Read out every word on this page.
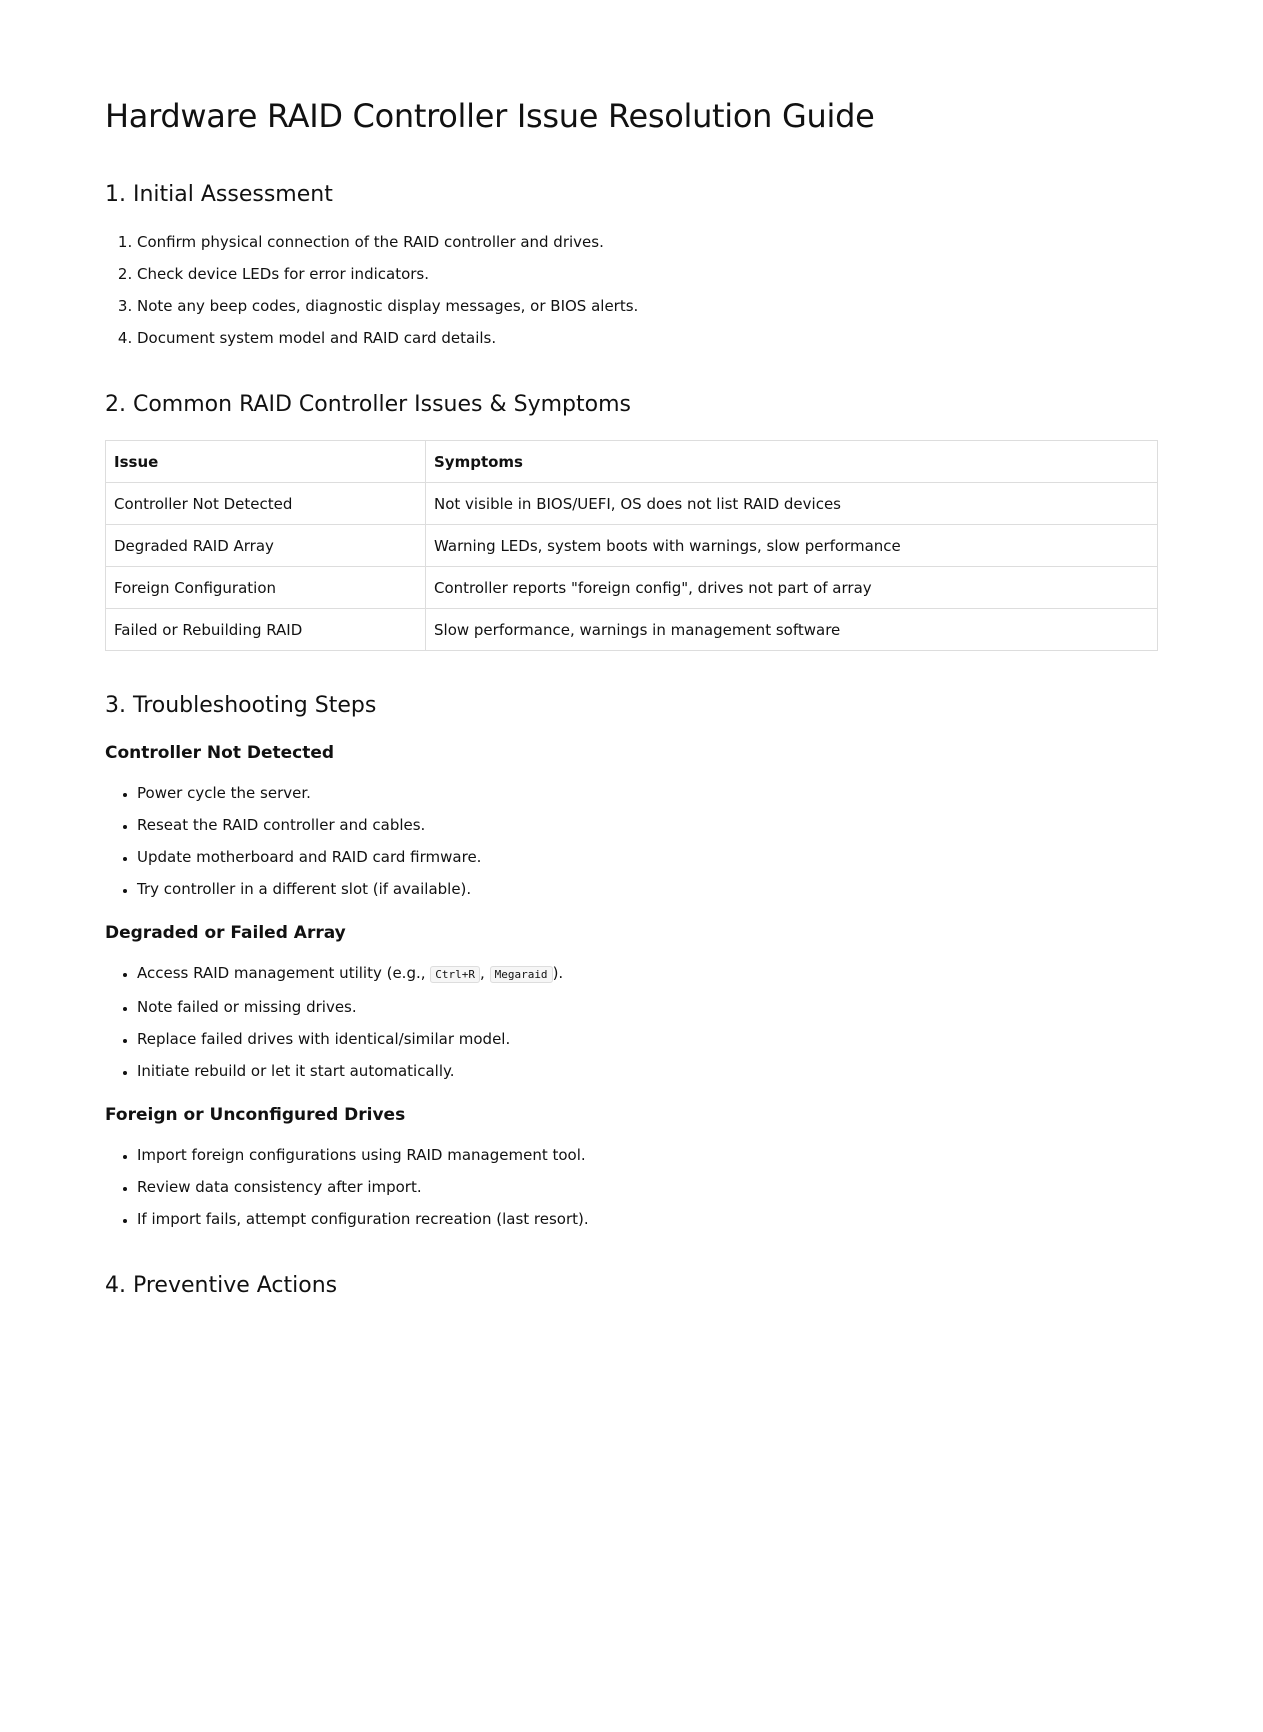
Hardware RAID Controller Issue Resolution Guide
1. Initial Assessment
1. Confirm physical connection of the RAID controller and drives.
2. Check device LEDs for error indicators.
3. Note any beep codes, diagnostic display messages, or BIOS alerts.
4. Document system model and RAID card details.
2. Common RAID Controller Issues & Symptoms
Issue	Symptoms
Controller Not Detected	Not visible in BIOS/UEFI, OS does not list RAID devices
Degraded RAID Array	Warning LEDs, system boots with warnings, slow performance
Foreign Configuration	Controller reports "foreign config", drives not part of array
Failed or Rebuilding RAID	Slow performance, warnings in management software
3. Troubleshooting Steps
Controller Not Detected
• Power cycle the server.
• Reseat the RAID controller and cables.
• Update motherboard and RAID card firmware.
• Try controller in a different slot (if available).
Degraded or Failed Array
• Access RAID management utility (e.g., Ctrl+R , Megaraid ).
• Note failed or missing drives.
• Replace failed drives with identical/similar model.
• Initiate rebuild or let it start automatically.
Foreign or Unconfigured Drives
• Import foreign configurations using RAID management tool.
• Review data consistency after import.
• If import fails, attempt configuration recreation (last resort).
4. Preventive Actions
